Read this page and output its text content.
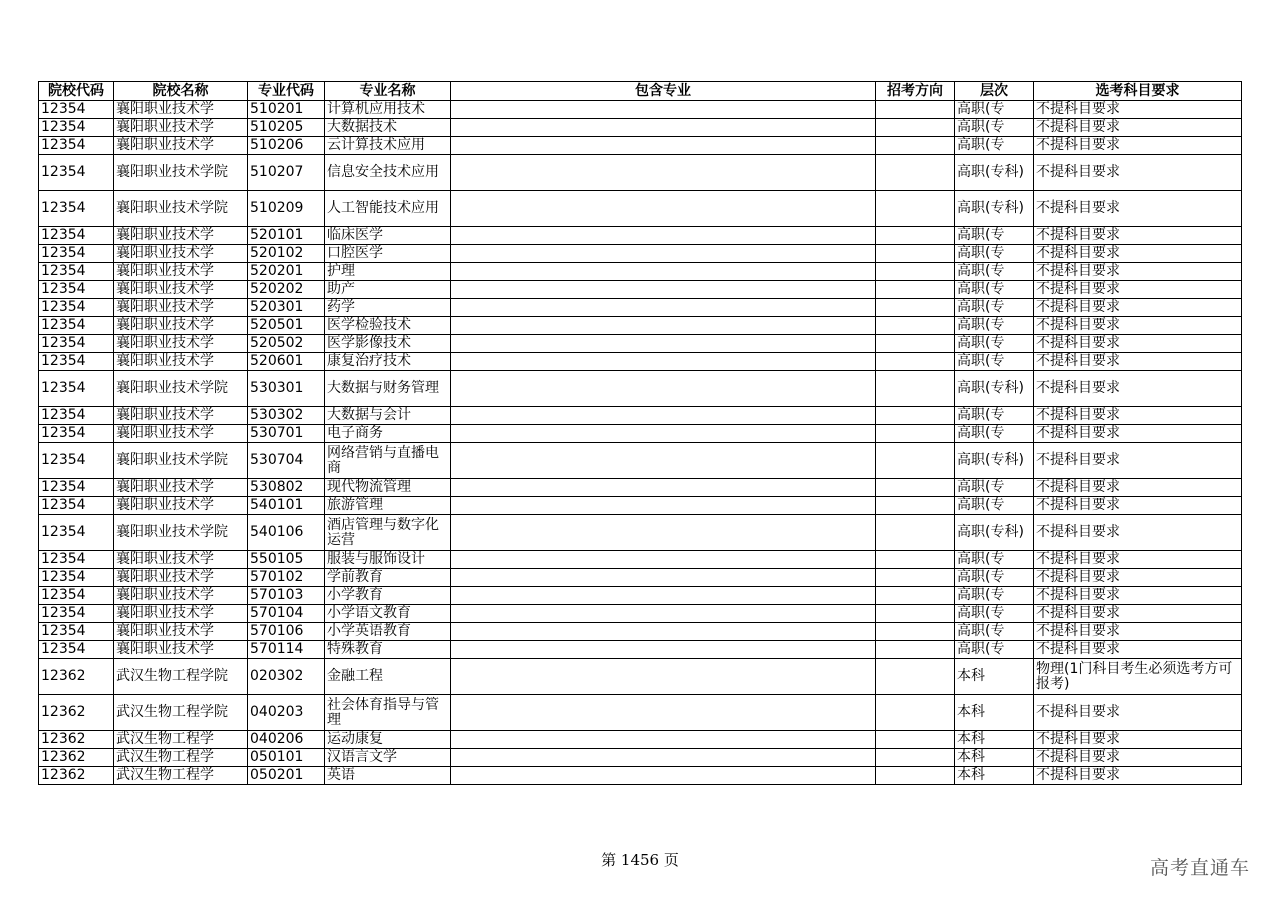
院校代码	院校名称	专业代码	专业名称	包含专业	招考方向	层次	选考科目要求
12354	襄阳职业技术学	510201	计算机应用技术			高职(专	不提科目要求
12354	襄阳职业技术学	510205	大数据技术			高职(专	不提科目要求
12354	襄阳职业技术学	510206	云计算技术应用			高职(专	不提科目要求
12354	襄阳职业技术学院	510207	信息安全技术应用			高职(专科)	不提科目要求
12354	襄阳职业技术学院	510209	人工智能技术应用			高职(专科)	不提科目要求
12354	襄阳职业技术学	520101	临床医学			高职(专	不提科目要求
12354	襄阳职业技术学	520102	口腔医学			高职(专	不提科目要求
12354	襄阳职业技术学	520201	护理			高职(专	不提科目要求
12354	襄阳职业技术学	520202	助产			高职(专	不提科目要求
12354	襄阳职业技术学	520301	药学			高职(专	不提科目要求
12354	襄阳职业技术学	520501	医学检验技术			高职(专	不提科目要求
12354	襄阳职业技术学	520502	医学影像技术			高职(专	不提科目要求
12354	襄阳职业技术学	520601	康复治疗技术			高职(专	不提科目要求
12354	襄阳职业技术学院	530301	大数据与财务管理			高职(专科)	不提科目要求
12354	襄阳职业技术学	530302	大数据与会计			高职(专	不提科目要求
12354	襄阳职业技术学	530701	电子商务			高职(专	不提科目要求
12354	襄阳职业技术学院	530704	网络营销与直播电商			高职(专科)	不提科目要求
12354	襄阳职业技术学	530802	现代物流管理			高职(专	不提科目要求
12354	襄阳职业技术学	540101	旅游管理			高职(专	不提科目要求
12354	襄阳职业技术学院	540106	酒店管理与数字化运营			高职(专科)	不提科目要求
12354	襄阳职业技术学	550105	服装与服饰设计			高职(专	不提科目要求
12354	襄阳职业技术学	570102	学前教育			高职(专	不提科目要求
12354	襄阳职业技术学	570103	小学教育			高职(专	不提科目要求
12354	襄阳职业技术学	570104	小学语文教育			高职(专	不提科目要求
12354	襄阳职业技术学	570106	小学英语教育			高职(专	不提科目要求
12354	襄阳职业技术学	570114	特殊教育			高职(专	不提科目要求
12362	武汉生物工程学院	020302	金融工程			本科	物理(1门科目考生必须选考方可报考)
12362	武汉生物工程学院	040203	社会体育指导与管理			本科	不提科目要求
12362	武汉生物工程学	040206	运动康复			本科	不提科目要求
12362	武汉生物工程学	050101	汉语言文学			本科	不提科目要求
12362	武汉生物工程学	050201	英语			本科	不提科目要求
第 1456 页	高考直通车
